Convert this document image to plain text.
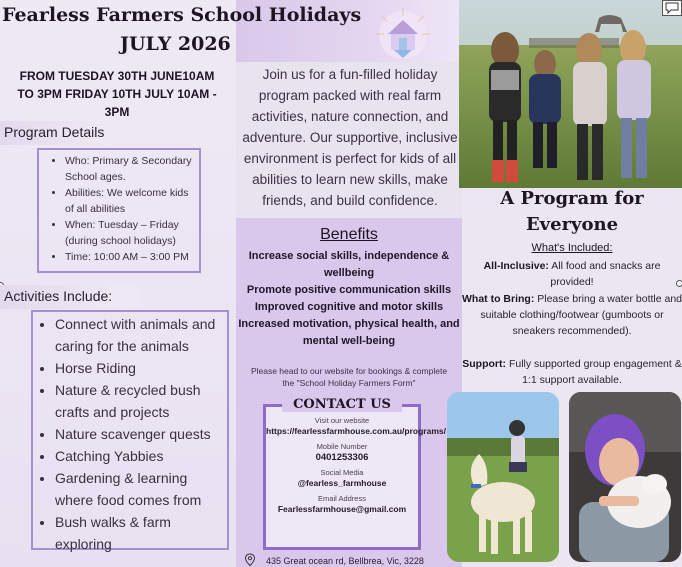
Fearless Farmers School Holidays
JULY 2026
FROM TUESDAY 30TH JUNE10AM
TO 3PM FRIDAY 10TH JULY 10AM -
3PM
Program Details
• Who: Primary & Secondary School ages.
• Abilities: We welcome kids of all abilities
• When: Tuesday – Friday (during school holidays)
• Time: 10:00 AM – 3:00 PM
Activities Include:
• Connect with animals and caring for the animals
• Horse Riding
• Nature & recycled bush crafts and projects
• Nature scavenger quests
• Catching Yabbies
• Gardening & learning where food comes from
• Bush walks & farm exploring
Join us for a fun-filled holiday program packed with real farm activities, nature connection, and adventure. Our supportive, inclusive environment is perfect for kids of all abilities to learn new skills, make friends, and build confidence.
Benefits
Increase social skills, independence & wellbeing
Promote positive communication skills
Improved cognitive and motor skills
Increased motivation, physical health, and mental well-being
Please head to our website for bookings & complete the "School Holiday Farmers Form"
CONTACT US
Visit our website
https://fearlessfarmhouse.com.au/programs/
Mobile Number
0401253306
Social Media
@fearless_farmhouse
Email Address
Fearlessfarmhouse@gmail.com
435 Great ocean rd, Bellbrea, Vic, 3228
A Program for
Everyone
What's Included:
All-Inclusive: All food and snacks are provided!
What to Bring: Please bring a water bottle and suitable clothing/footwear (gumboots or sneakers recommended).
Support: Fully supported group engagement & 1:1 support available.
